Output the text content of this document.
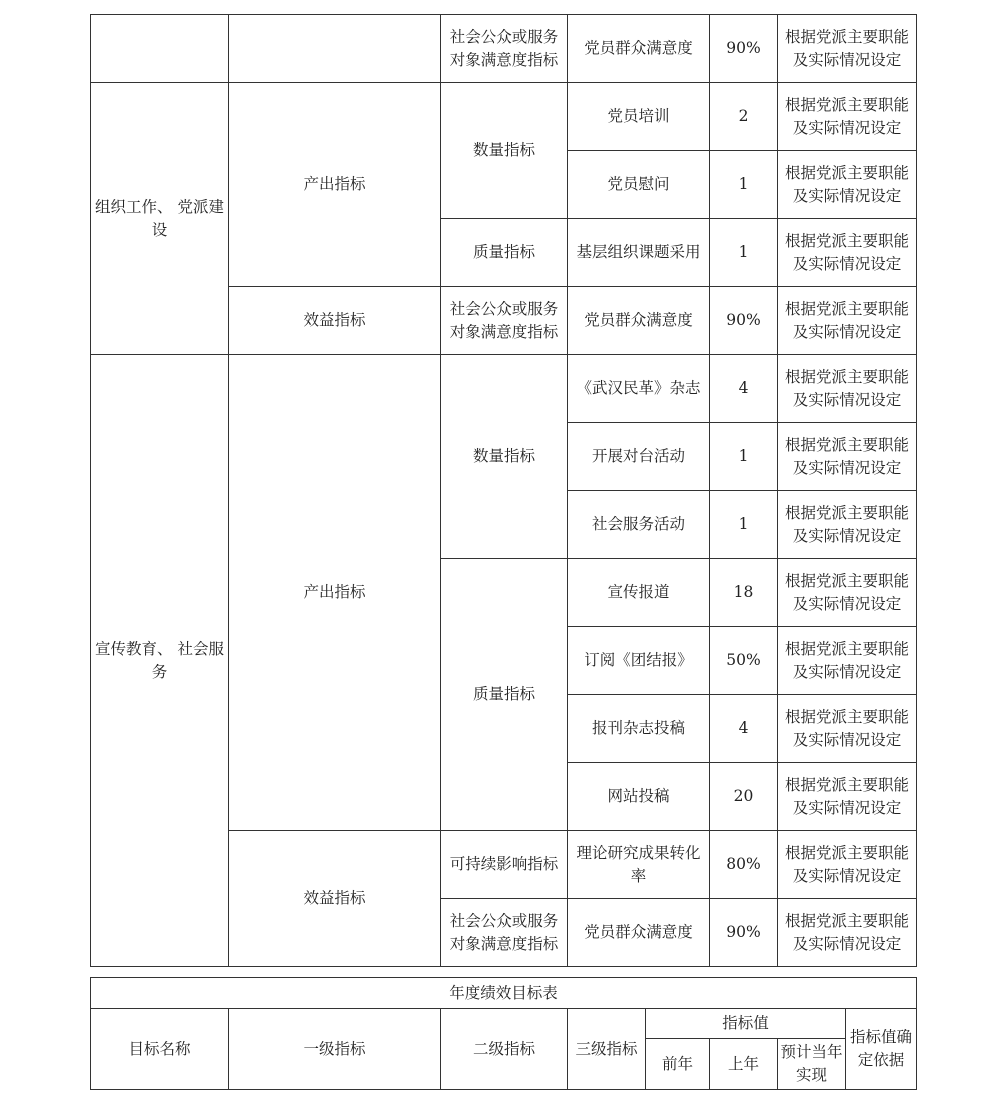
		社会公众或服务对象满意度指标	党员群众满意度	90%	根据党派主要职能及实际情况设定
组织工作、 党派建设	产出指标	数量指标	党员培训	2	根据党派主要职能及实际情况设定
			党员慰问	1	根据党派主要职能及实际情况设定
		质量指标	基层组织课题采用	1	根据党派主要职能及实际情况设定
	效益指标	社会公众或服务对象满意度指标	党员群众满意度	90%	根据党派主要职能及实际情况设定
宣传教育、 社会服务	产出指标	数量指标	《武汉民革》杂志	4	根据党派主要职能及实际情况设定
			开展对台活动	1	根据党派主要职能及实际情况设定
			社会服务活动	1	根据党派主要职能及实际情况设定
		质量指标	宣传报道	18	根据党派主要职能及实际情况设定
			订阅《团结报》	50%	根据党派主要职能及实际情况设定
			报刊杂志投稿	4	根据党派主要职能及实际情况设定
			网站投稿	20	根据党派主要职能及实际情况设定
	效益指标	可持续影响指标	理论研究成果转化率	80%	根据党派主要职能及实际情况设定
		社会公众或服务对象满意度指标	党员群众满意度	90%	根据党派主要职能及实际情况设定
年度绩效目标表							
目标名称	一级指标	二级指标	三级指标	指标值			指标值确定依据
				前年	上年	预计当年实现	
